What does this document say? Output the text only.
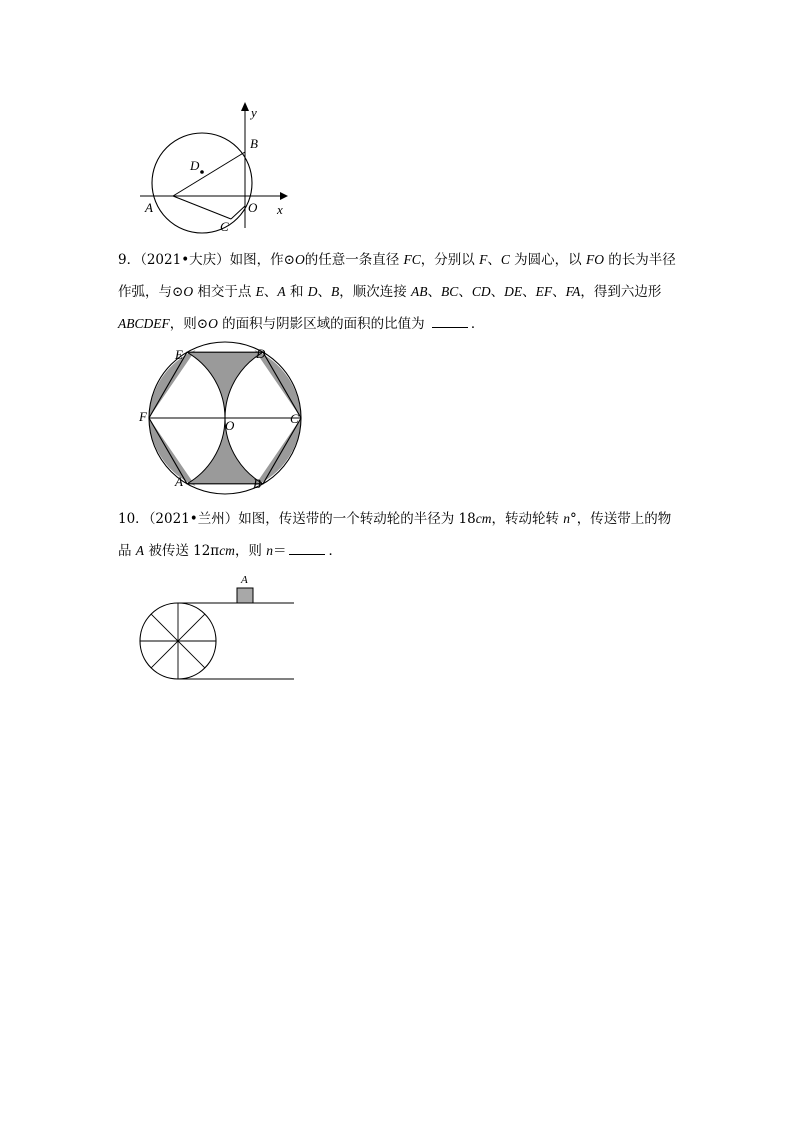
y
B
D
A	O x
C

9．（2021•大庆）如图，作⊙O的任意一条直径 FC，分别以 F、C 为圆心，以 FO 的长为半径作弧，与⊙O 相交于点 E、A 和 D、B，顺次连接 AB、BC、CD、DE、EF、FA，得到六边形 ABCDEF，则⊙O 的面积与阴影区域的面积的比值为	．

E	D
F
O	C
A	B

10．（2021•兰州）如图，传送带的一个转动轮的半径为 18cm，转动轮转 n°，传送带上的物品 A 被传送 12πcm，则 n＝	．

A
